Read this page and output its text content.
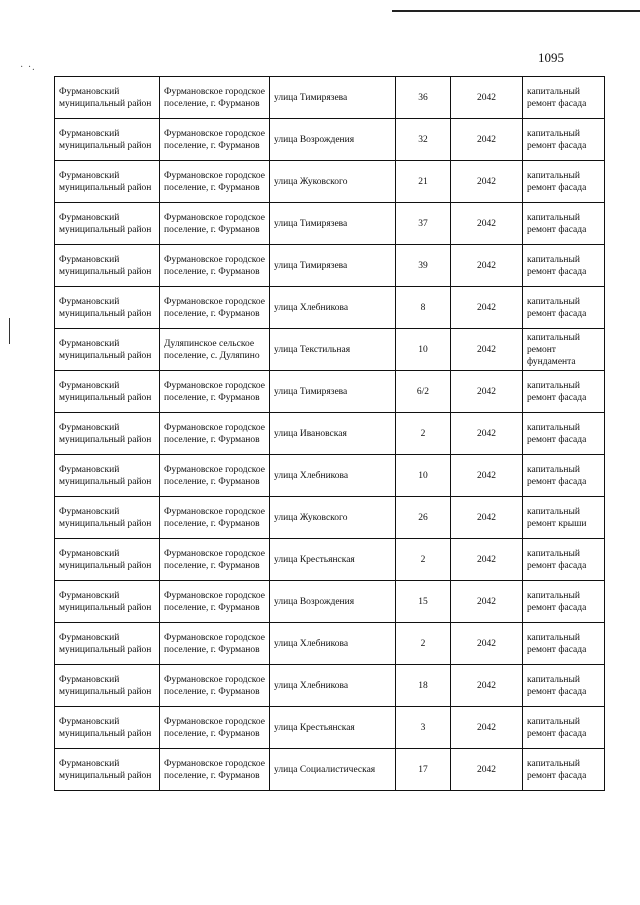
· ·.
1095
Фурмановский муниципальный район	Фурмановское городское поселение, г. Фурманов	улица Тимирязева	36	2042	капитальный ремонт фасада
Фурмановский муниципальный район	Фурмановское городское поселение, г. Фурманов	улица Возрождения	32	2042	капитальный ремонт фасада
Фурмановский муниципальный район	Фурмановское городское поселение, г. Фурманов	улица Жуковского	21	2042	капитальный ремонт фасада
Фурмановский муниципальный район	Фурмановское городское поселение, г. Фурманов	улица Тимирязева	37	2042	капитальный ремонт фасада
Фурмановский муниципальный район	Фурмановское городское поселение, г. Фурманов	улица Тимирязева	39	2042	капитальный ремонт фасада
Фурмановский муниципальный район	Фурмановское городское поселение, г. Фурманов	улица Хлебникова	8	2042	капитальный ремонт фасада
Фурмановский муниципальный район	Дуляпинское сельское поселение, с. Дуляпино	улица Текстильная	10	2042	капитальный ремонт фундамента
Фурмановский муниципальный район	Фурмановское городское поселение, г. Фурманов	улица Тимирязева	6/2	2042	капитальный ремонт фасада
Фурмановский муниципальный район	Фурмановское городское поселение, г. Фурманов	улица Ивановская	2	2042	капитальный ремонт фасада
Фурмановский муниципальный район	Фурмановское городское поселение, г. Фурманов	улица Хлебникова	10	2042	капитальный ремонт фасада
Фурмановский муниципальный район	Фурмановское городское поселение, г. Фурманов	улица Жуковского	26	2042	капитальный ремонт крыши
Фурмановский муниципальный район	Фурмановское городское поселение, г. Фурманов	улица Крестьянская	2	2042	капитальный ремонт фасада
Фурмановский муниципальный район	Фурмановское городское поселение, г. Фурманов	улица Возрождения	15	2042	капитальный ремонт фасада
Фурмановский муниципальный район	Фурмановское городское поселение, г. Фурманов	улица Хлебникова	2	2042	капитальный ремонт фасада
Фурмановский муниципальный район	Фурмановское городское поселение, г. Фурманов	улица Хлебникова	18	2042	капитальный ремонт фасада
Фурмановский муниципальный район	Фурмановское городское поселение, г. Фурманов	улица Крестьянская	3	2042	капитальный ремонт фасада
Фурмановский муниципальный район	Фурмановское городское поселение, г. Фурманов	улица Социалистическая	17	2042	капитальный ремонт фасада
